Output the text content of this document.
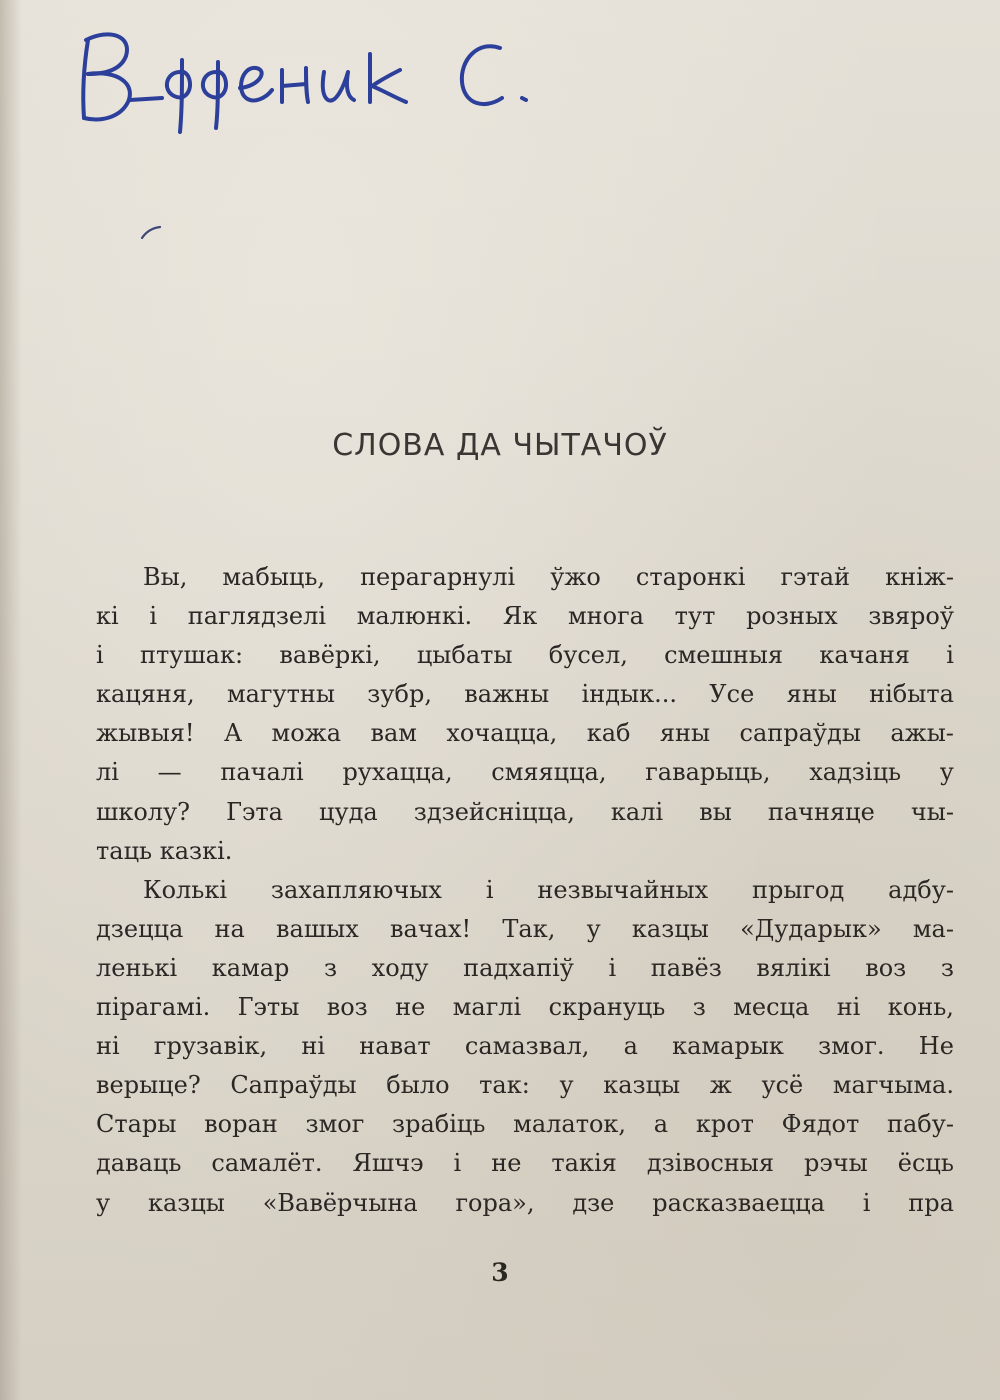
СЛОВА ДА ЧЫТАЧОЎ
Вы, мабыць, перагарнулі ўжо старонкі гэтай кніж-
кі і паглядзелі малюнкі. Як многа тут розных звяроў
і птушак: вавёркі, цыбаты бусел, смешныя качаня і
кацяня, магутны зубр, важны індык... Усе яны нібыта
жывыя! А можа вам хочацца, каб яны сапраўды ажы-
лі — пачалі рухацца, смяяцца, гаварыць, хадзіць у
школу? Гэта цуда здзейсніцца, калі вы пачняце чы-
таць казкі.
Колькі захапляючых і незвычайных прыгод адбу-
дзецца на вашых вачах! Так, у казцы «Дударык» ма-
ленькі камар з ходу падхапіў і павёз вялікі воз з
пірагамі. Гэты воз не маглі скрануць з месца ні конь,
ні грузавік, ні нават самазвал, а камарык змог. Не
верыце? Сапраўды было так: у казцы ж усё магчыма.
Стары воран змог зрабіць малаток, а крот Фядот пабу-
даваць самалёт. Яшчэ і не такія дзівосныя рэчы ёсць
у казцы «Вавёрчына гора», дзе расказваецца і пра
3
